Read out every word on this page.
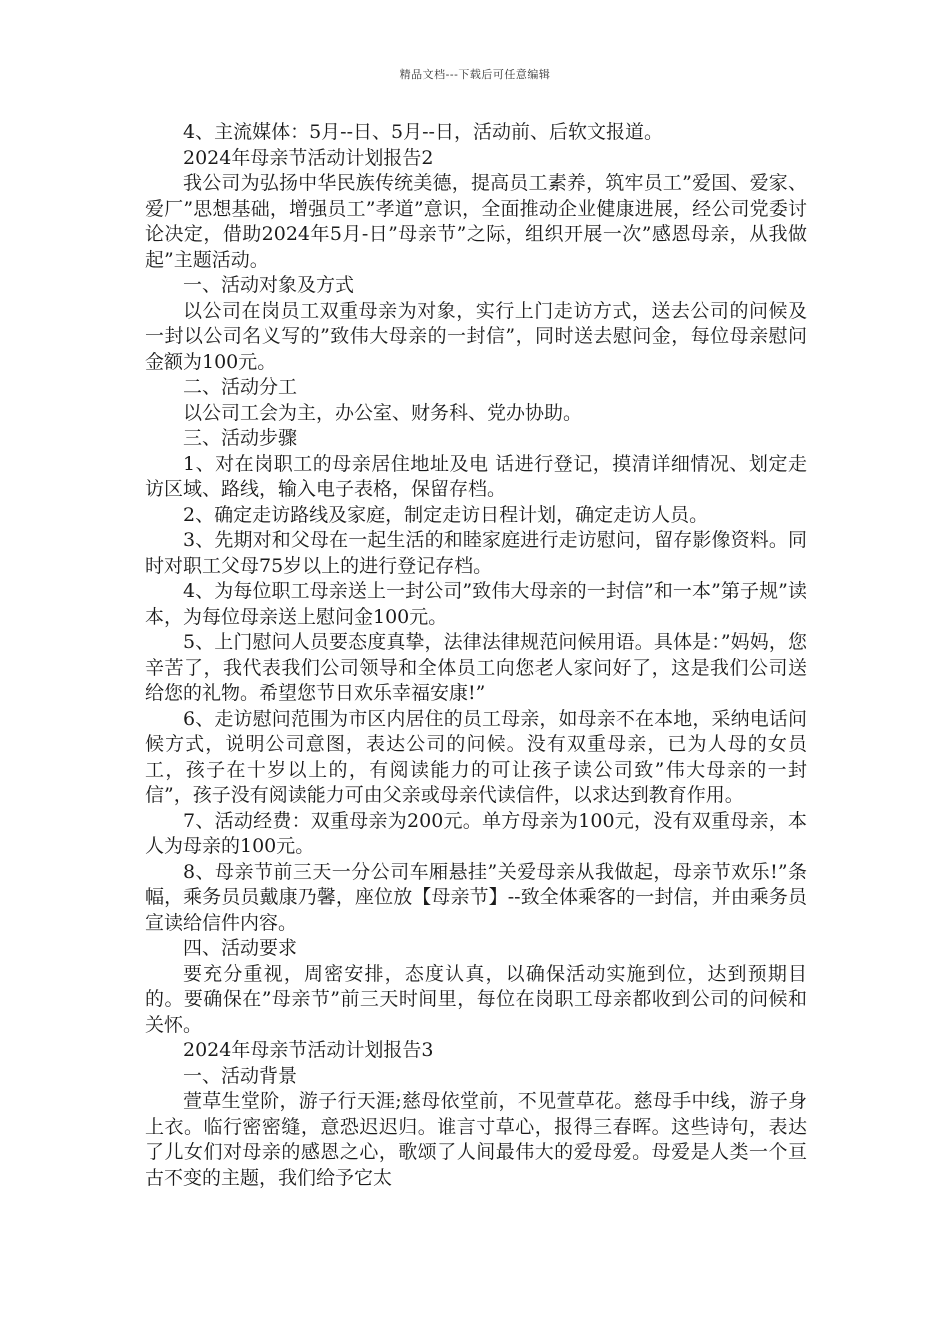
精品文档---下载后可任意编辑

4、主流媒体：5月--日、5月--日，活动前、后软文报道。

2024年母亲节活动计划报告2

我公司为弘扬中华民族传统美德，提高员工素养，筑牢员工”爱国、爱家、爱厂”思想基础，增强员工”孝道”意识，全面推动企业健康进展，经公司党委讨论决定，借助2024年5月-日”母亲节”之际，组织开展一次”感恩母亲，从我做起”主题活动。

一、活动对象及方式

以公司在岗员工双重母亲为对象，实行上门走访方式，送去公司的问候及一封以公司名义写的”致伟大母亲的一封信”，同时送去慰问金，每位母亲慰问金额为100元。

二、活动分工

以公司工会为主，办公室、财务科、党办协助。

三、活动步骤

1、对在岗职工的母亲居住地址及电 话进行登记，摸清详细情况、划定走访区域、路线，输入电子表格，保留存档。

2、确定走访路线及家庭，制定走访日程计划，确定走访人员。

3、先期对和父母在一起生活的和睦家庭进行走访慰问，留存影像资料。同时对职工父母75岁以上的进行登记存档。

4、为每位职工母亲送上一封公司”致伟大母亲的一封信”和一本”第子规”读本，为每位母亲送上慰问金100元。

5、上门慰问人员要态度真挚，法律法律规范问候用语。具体是：”妈妈，您辛苦了，我代表我们公司领导和全体员工向您老人家问好了，这是我们公司送给您的礼物。希望您节日欢乐幸福安康!”

6、走访慰问范围为市区内居住的员工母亲，如母亲不在本地，采纳电话问候方式，说明公司意图，表达公司的问候。没有双重母亲，已为人母的女员工，孩子在十岁以上的，有阅读能力的可让孩子读公司致”伟大母亲的一封信”，孩子没有阅读能力可由父亲或母亲代读信件，以求达到教育作用。

7、活动经费：双重母亲为200元。单方母亲为100元，没有双重母亲，本人为母亲的100元。

8、母亲节前三天一分公司车厢悬挂”关爱母亲从我做起，母亲节欢乐!”条幅，乘务员员戴康乃馨，座位放【母亲节】--致全体乘客的一封信，并由乘务员宣读给信件内容。

四、活动要求

要充分重视，周密安排，态度认真，以确保活动实施到位，达到预期目的。要确保在”母亲节”前三天时间里，每位在岗职工母亲都收到公司的问候和关怀。

2024年母亲节活动计划报告3

一、活动背景

萱草生堂阶，游子行天涯;慈母依堂前，不见萱草花。慈母手中线，游子身上衣。临行密密缝，意恐迟迟归。谁言寸草心，报得三春晖。这些诗句，表达了儿女们对母亲的感恩之心，歌颂了人间最伟大的爱母爱。母爱是人类一个亘古不变的主题，我们给予它太
